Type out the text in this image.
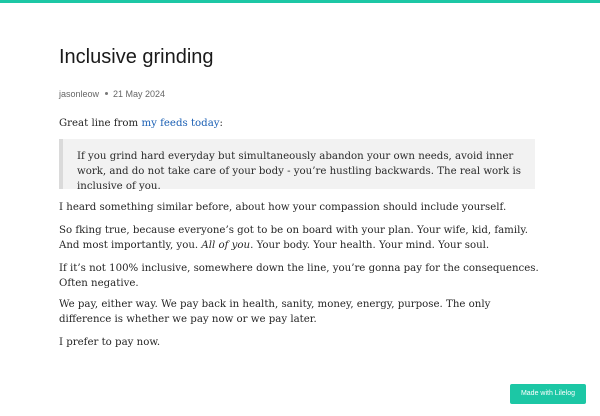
Inclusive grinding
jasonleow 21 May 2024

Great line from my feeds today:

If you grind hard everyday but simultaneously abandon your own needs, avoid inner work, and do not take care of your body - you’re hustling backwards. The real work is inclusive of you.

I heard something similar before, about how your compassion should include yourself.

So fking true, because everyone’s got to be on board with your plan. Your wife, kid, family. And most importantly, you. All of you. Your body. Your health. Your mind. Your soul.

If it’s not 100% inclusive, somewhere down the line, you’re gonna pay for the consequences. Often negative.

We pay, either way. We pay back in health, sanity, money, energy, purpose. The only difference is whether we pay now or we pay later.

I prefer to pay now.

Made with Lilelog
